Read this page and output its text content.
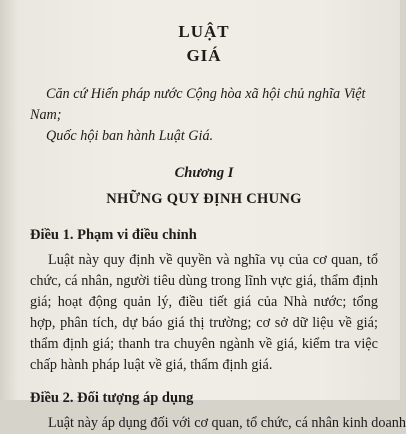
LUẬT
GIÁ

Căn cứ Hiến pháp nước Cộng hòa xã hội chủ nghĩa Việt Nam;

Quốc hội ban hành Luật Giá.

Chương I
NHỮNG QUY ĐỊNH CHUNG
Điều 1. Phạm vi điều chỉnh

Luật này quy định về quyền và nghĩa vụ của cơ quan, tổ chức, cá nhân, người tiêu dùng trong lĩnh vực giá, thẩm định giá; hoạt động quản lý, điều tiết giá của Nhà nước; tổng hợp, phân tích, dự báo giá thị trường; cơ sở dữ liệu về giá; thẩm định giá; thanh tra chuyên ngành về giá, kiểm tra việc chấp hành pháp luật về giá, thẩm định giá.

Điều 2. Đối tượng áp dụng
Luật này áp dụng đối với cơ quan, tổ chức, cá nhân kinh doanh
